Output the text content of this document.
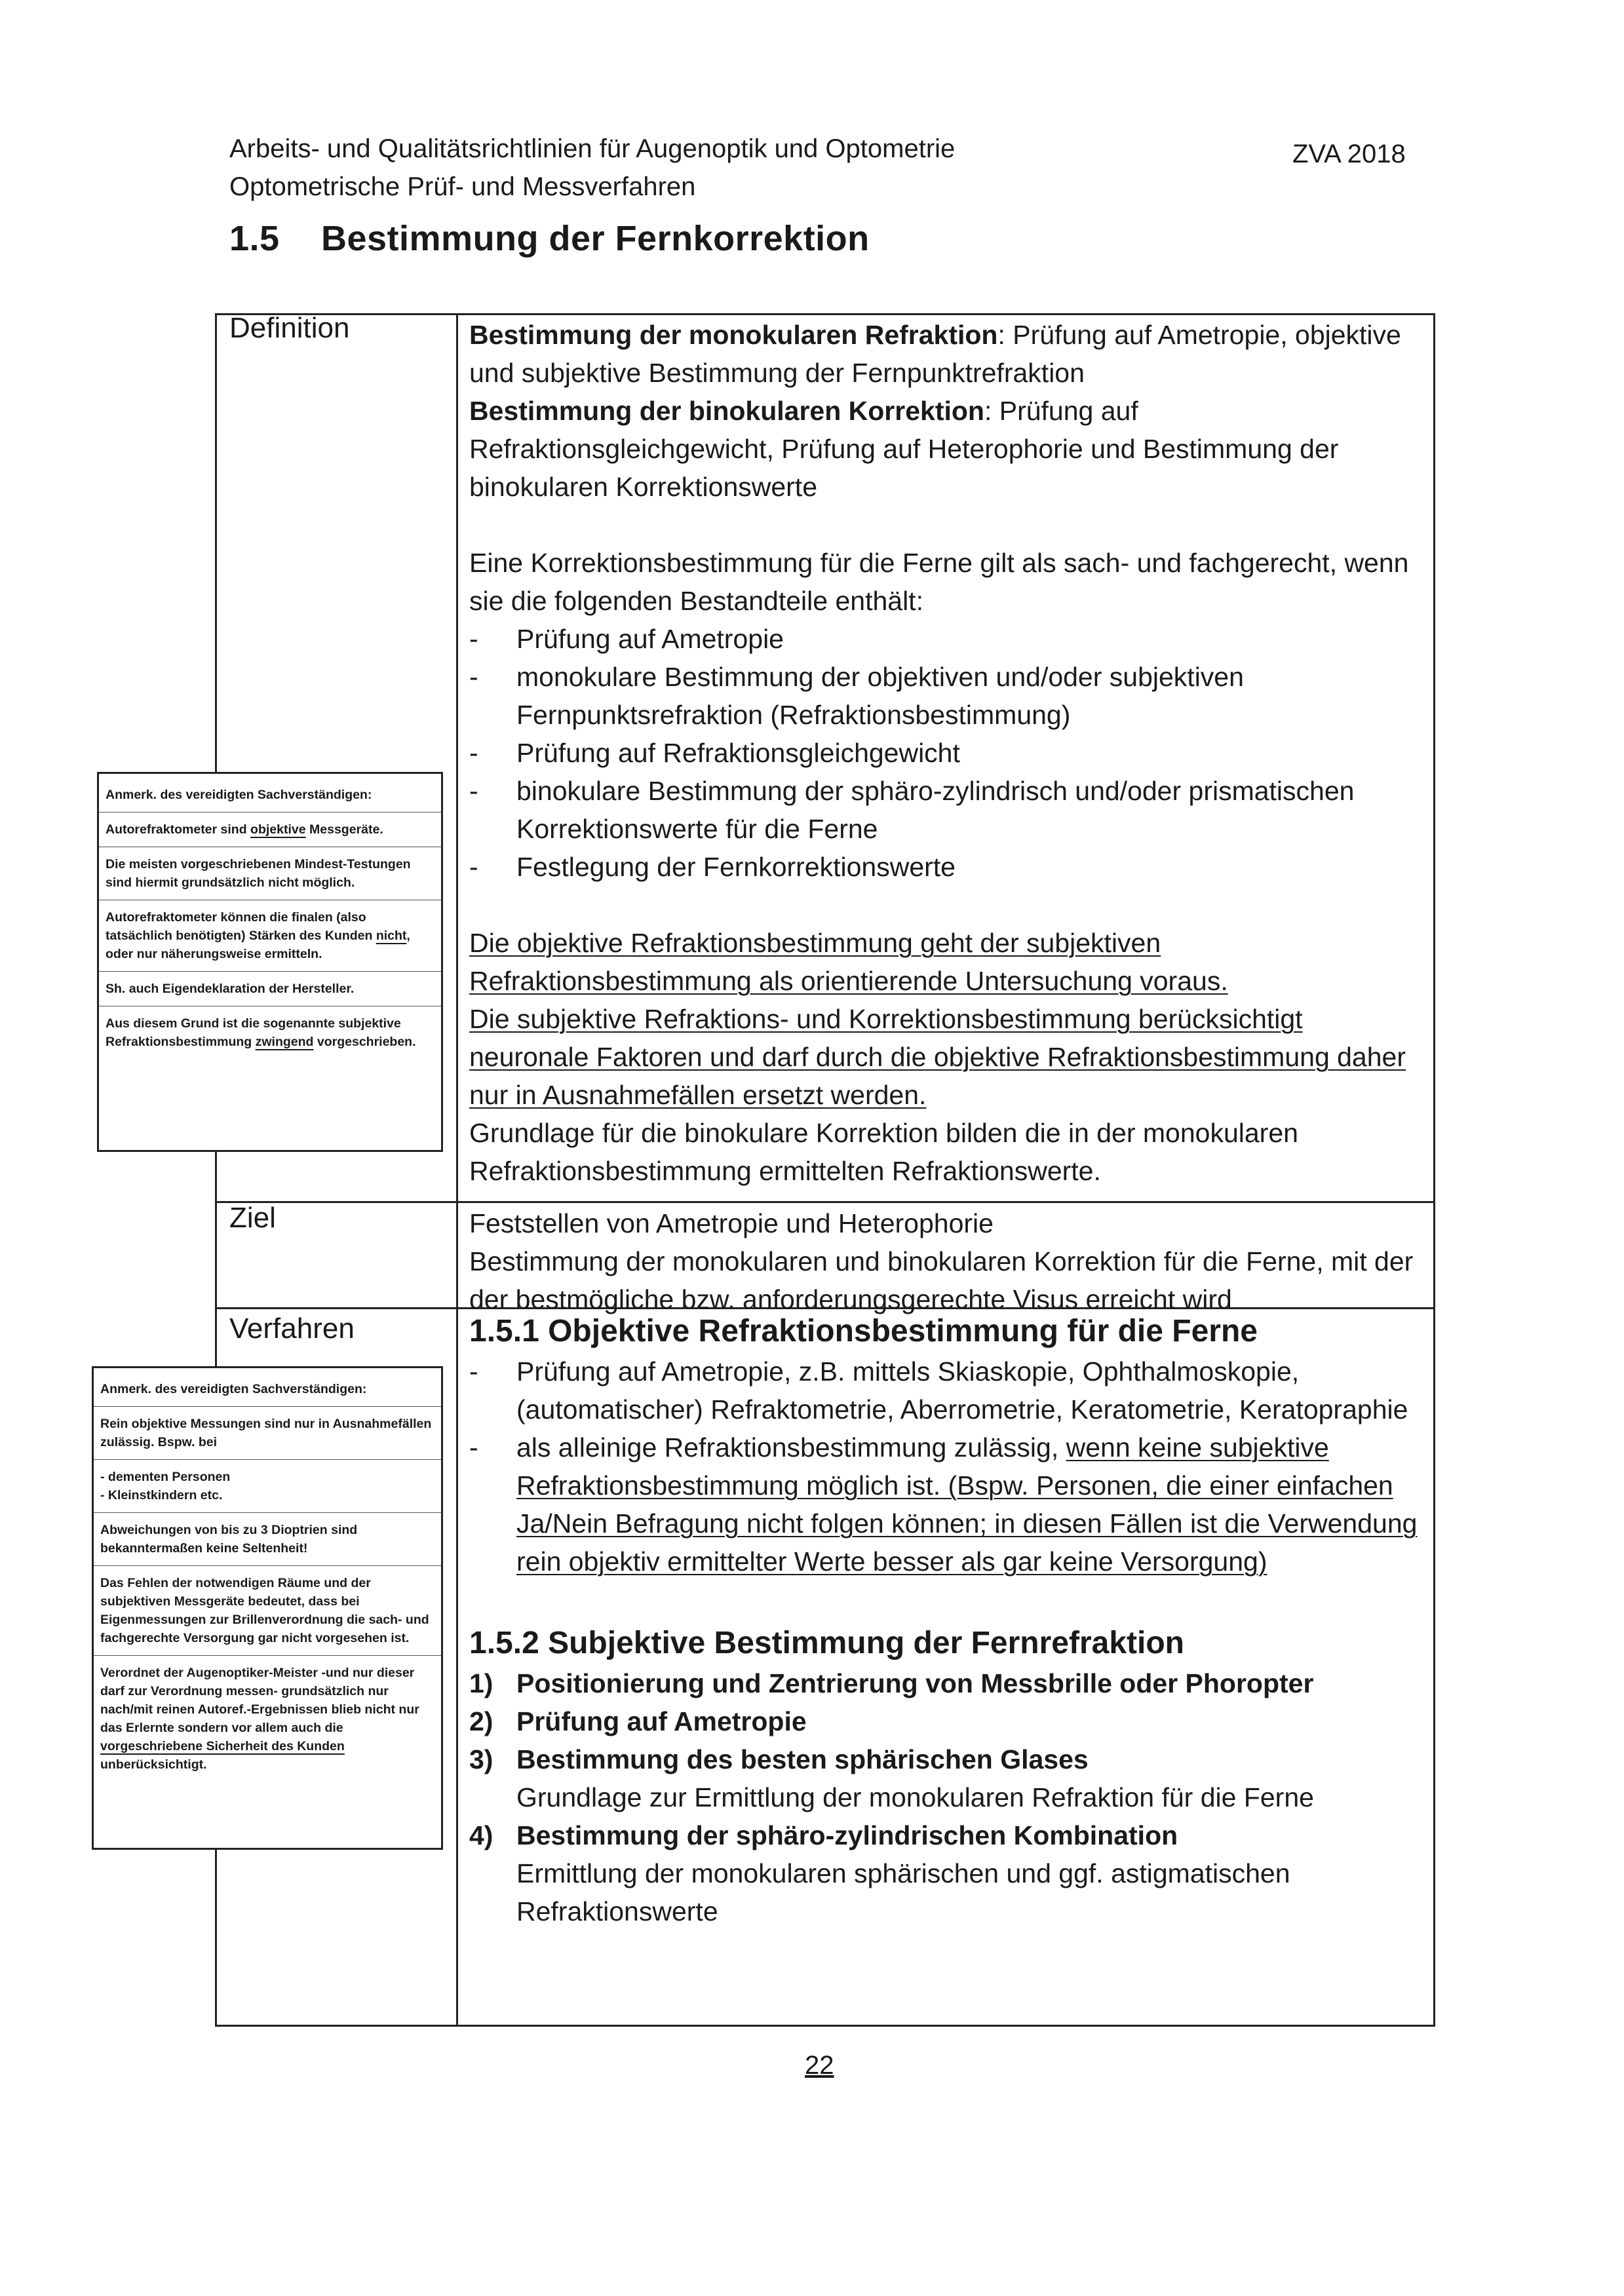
Arbeits- und Qualitätsrichtlinien für Augenoptik und Optometrie
Optometrische Prüf- und Messverfahren
ZVA 2018
1.5 Bestimmung der Fernkorrektion
Definition
Ziel
Verfahren

Bestimmung der monokularen Refraktion: Prüfung auf Ametropie, objektive und subjektive Bestimmung der Fernpunktrefraktion

Bestimmung der binokularen Korrektion: Prüfung auf Refraktionsgleichgewicht, Prüfung auf Heterophorie und Bestimmung der binokularen Korrektionswerte

Eine Korrektionsbestimmung für die Ferne gilt als sach- und fachgerecht, wenn sie die folgenden Bestandteile enthält:

- Prüfung auf Ametropie

- monokulare Bestimmung der objektiven und/oder subjektiven Fernpunktsrefraktion (Refraktionsbestimmung)

- Prüfung auf Refraktionsgleichgewicht

- binokulare Bestimmung der sphäro-zylindrisch und/oder prismatischen Korrektionswerte für die Ferne

- Festlegung der Fernkorrektionswerte

Die objektive Refraktionsbestimmung geht der subjektiven Refraktionsbestimmung als orientierende Untersuchung voraus.

Die subjektive Refraktions- und Korrektionsbestimmung berücksichtigt neuronale Faktoren und darf durch die objektive Refraktionsbestimmung daher nur in Ausnahmefällen ersetzt werden.

Grundlage für die binokulare Korrektion bilden die in der monokularen Refraktionsbestimmung ermittelten Refraktionswerte.

Feststellen von Ametropie und Heterophorie

Bestimmung der monokularen und binokularen Korrektion für die Ferne, mit der der bestmögliche bzw. anforderungsgerechte Visus erreicht wird

1.5.1 Objektive Refraktionsbestimmung für die Ferne

- Prüfung auf Ametropie, z.B. mittels Skiaskopie, Ophthalmoskopie, (automatischer) Refraktometrie, Aberrometrie, Keratometrie, Keratopraphie

- als alleinige Refraktionsbestimmung zulässig, wenn keine subjektive Refraktionsbestimmung möglich ist. (Bspw. Personen, die einer einfachen Ja/Nein Befragung nicht folgen können; in diesen Fällen ist die Verwendung rein objektiv ermittelter Werte besser als gar keine Versorgung)

1.5.2 Subjektive Bestimmung der Fernrefraktion
1) Positionierung und Zentrierung von Messbrille oder Phoropter
2) Prüfung auf Ametropie
3) Bestimmung des besten sphärischen Glases
Grundlage zur Ermittlung der monokularen Refraktion für die Ferne
4) Bestimmung der sphäro-zylindrischen Kombination
Ermittlung der monokularen sphärischen und ggf. astigmatischen Refraktionswerte

Anmerk. des vereidigten Sachverständigen:

Autorefraktometer sind objektive Messgeräte.

Die meisten vorgeschriebenen Mindest-Testungen sind hiermit grundsätzlich nicht möglich.

Autorefraktometer können die finalen (also tatsächlich benötigten) Stärken des Kunden nicht, oder nur näherungsweise ermitteln.

Sh. auch Eigendeklaration der Hersteller.

Aus diesem Grund ist die sogenannte subjektive Refraktionsbestimmung zwingend vorgeschrieben.

Anmerk. des vereidigten Sachverständigen:

Rein objektive Messungen sind nur in Ausnahmefällen zulässig. Bspw. bei

- dementen Personen
- Kleinstkindern etc.

Abweichungen von bis zu 3 Dioptrien sind bekanntermaßen keine Seltenheit!

Das Fehlen der notwendigen Räume und der subjektiven Messgeräte bedeutet, dass bei Eigenmessungen zur Brillenverordnung die sach- und fachgerechte Versorgung gar nicht vorgesehen ist.

Verordnet der Augenoptiker-Meister -und nur dieser darf zur Verordnung messen- grundsätzlich nur nach/mit reinen Autoref.-Ergebnissen blieb nicht nur das Erlernte sondern vor allem auch die vorgeschriebene Sicherheit des Kunden unberücksichtigt.

22
